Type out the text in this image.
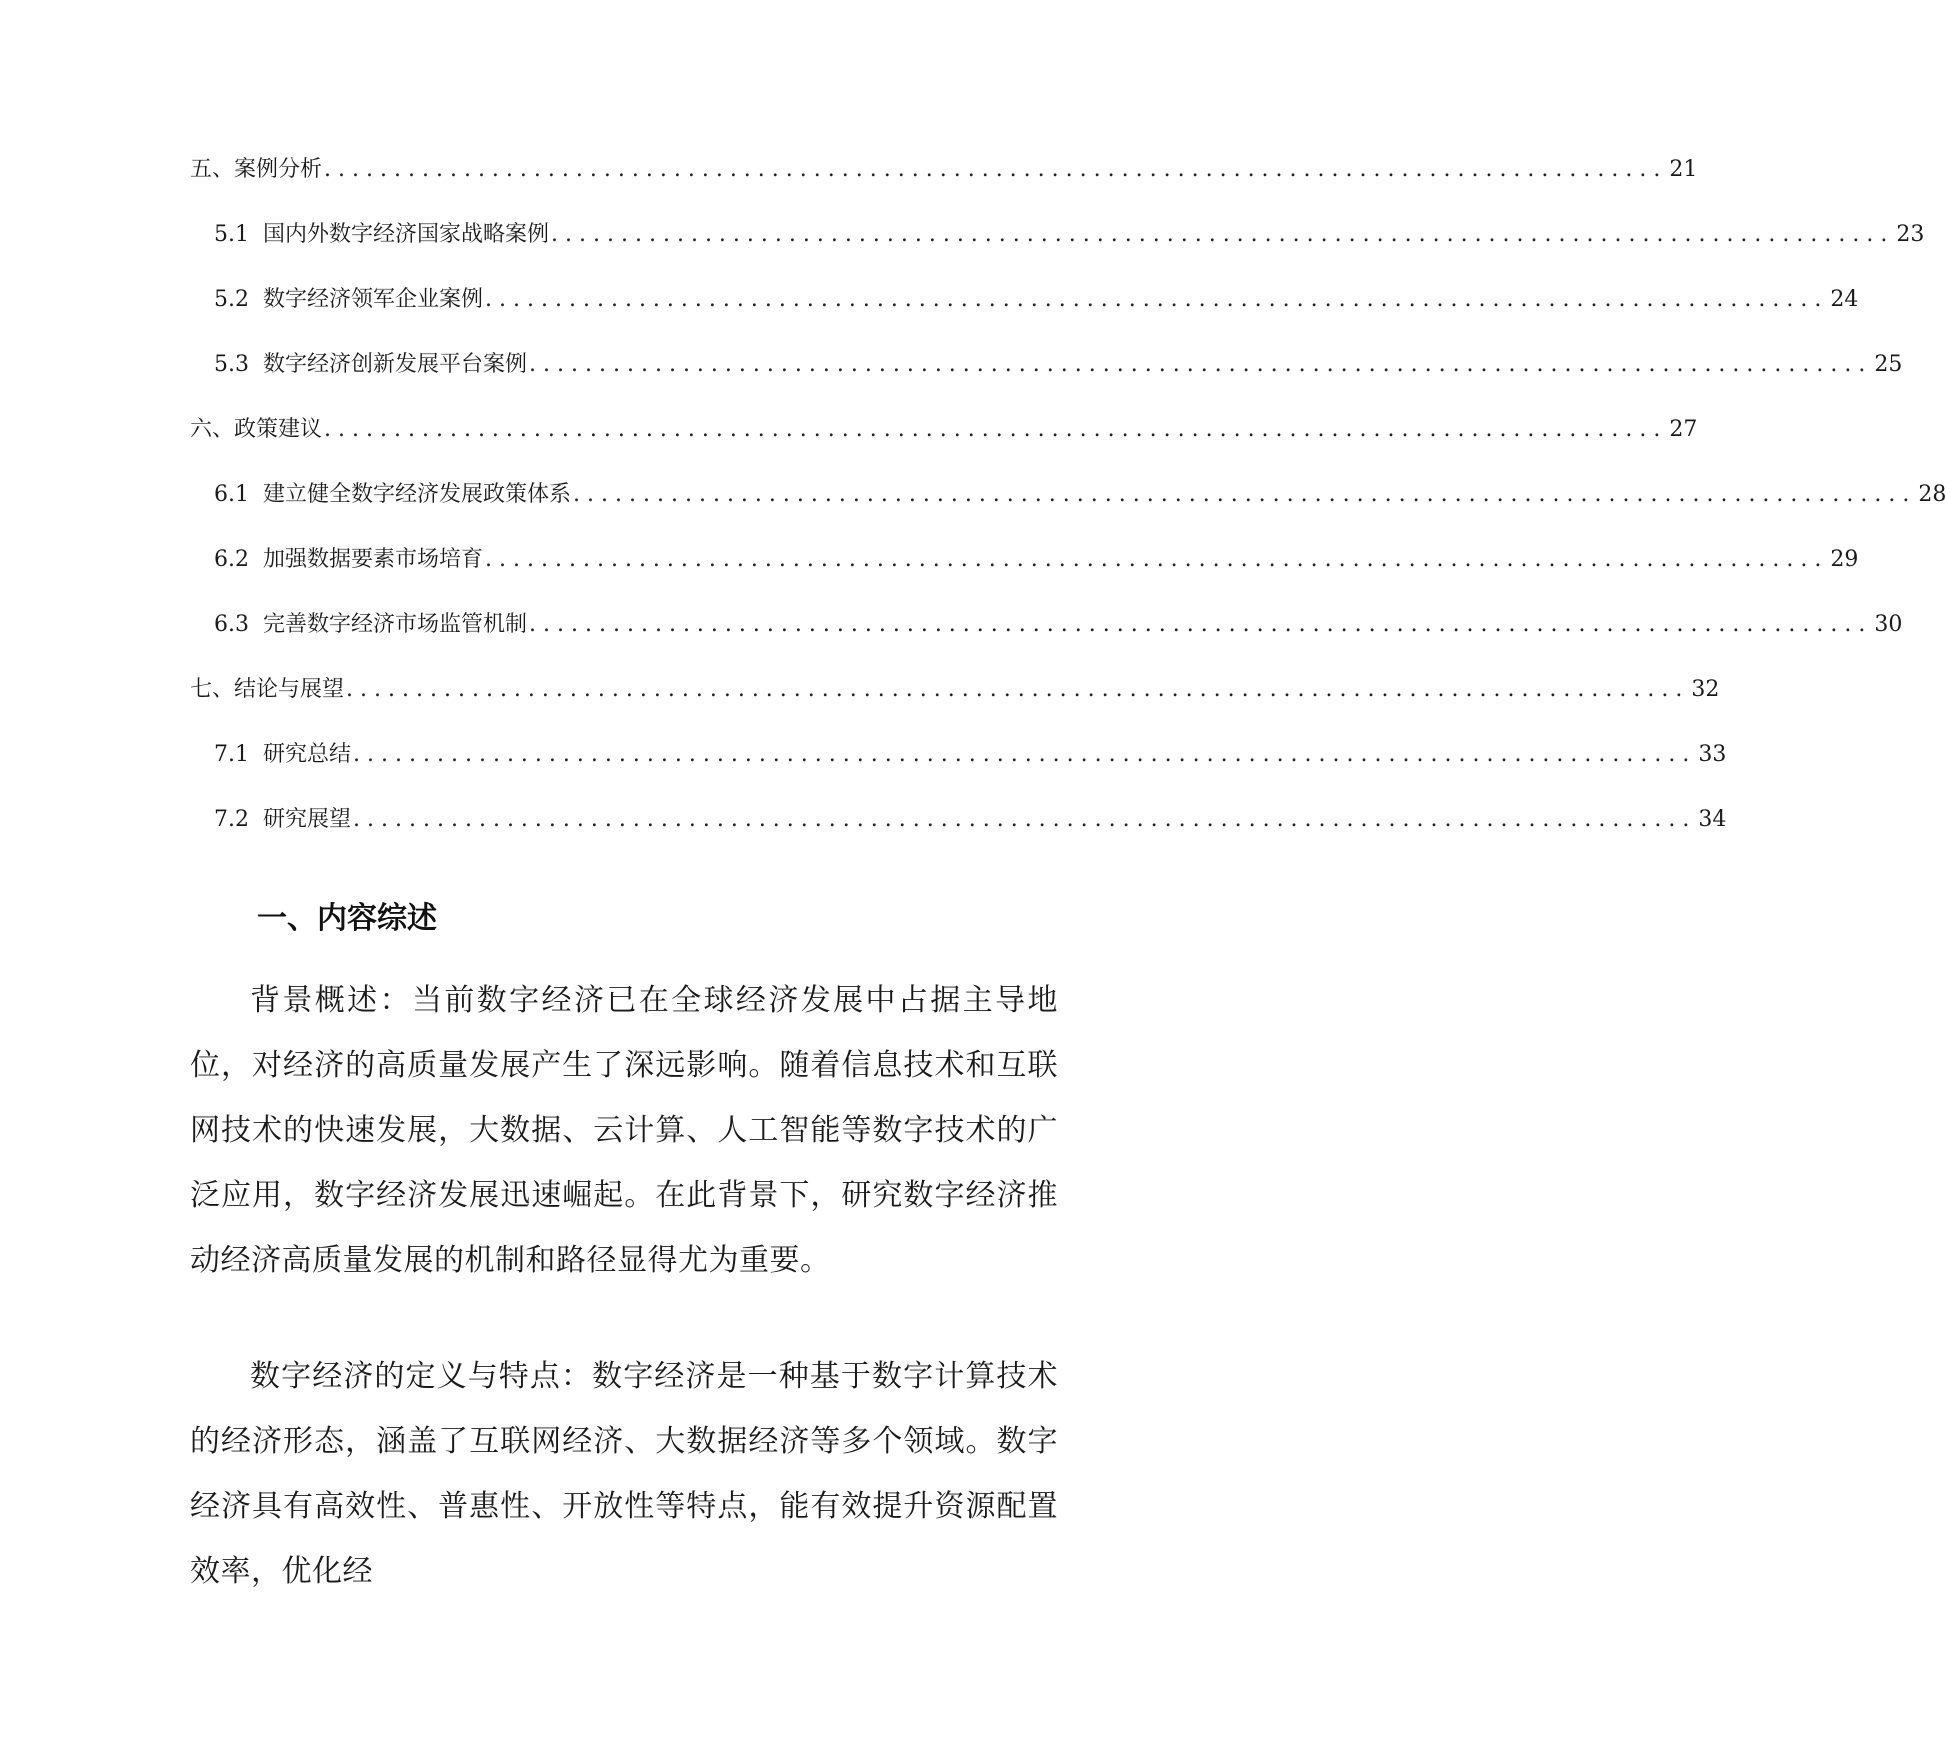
五、案例分析 ................................................................................................ 21
5.1 国内外数字经济国家战略案例 ................................................................................................ 23
5.2 数字经济领军企业案例 ................................................................................................ 24
5.3 数字经济创新发展平台案例 ................................................................................................ 25
六、政策建议 ................................................................................................ 27
6.1 建立健全数字经济发展政策体系 ................................................................................................ 28
6.2 加强数据要素市场培育 ................................................................................................ 29
6.3 完善数字经济市场监管机制 ................................................................................................ 30
七、结论与展望 ................................................................................................ 32
7.1 研究总结 ................................................................................................ 33
7.2 研究展望 ................................................................................................ 34
一、内容综述

背景概述：当前数字经济已在全球经济发展中占据主导地位，对经济的高质量发展产生了深远影响。随着信息技术和互联网技术的快速发展，大数据、云计算、人工智能等数字技术的广泛应用，数字经济发展迅速崛起。在此背景下，研究数字经济推动经济高质量发展的机制和路径显得尤为重要。

数字经济的定义与特点：数字经济是一种基于数字计算技术的经济形态，涵盖了互联网经济、大数据经济等多个领域。数字经济具有高效性、普惠性、开放性等特点，能有效提升资源配置效率，优化经
